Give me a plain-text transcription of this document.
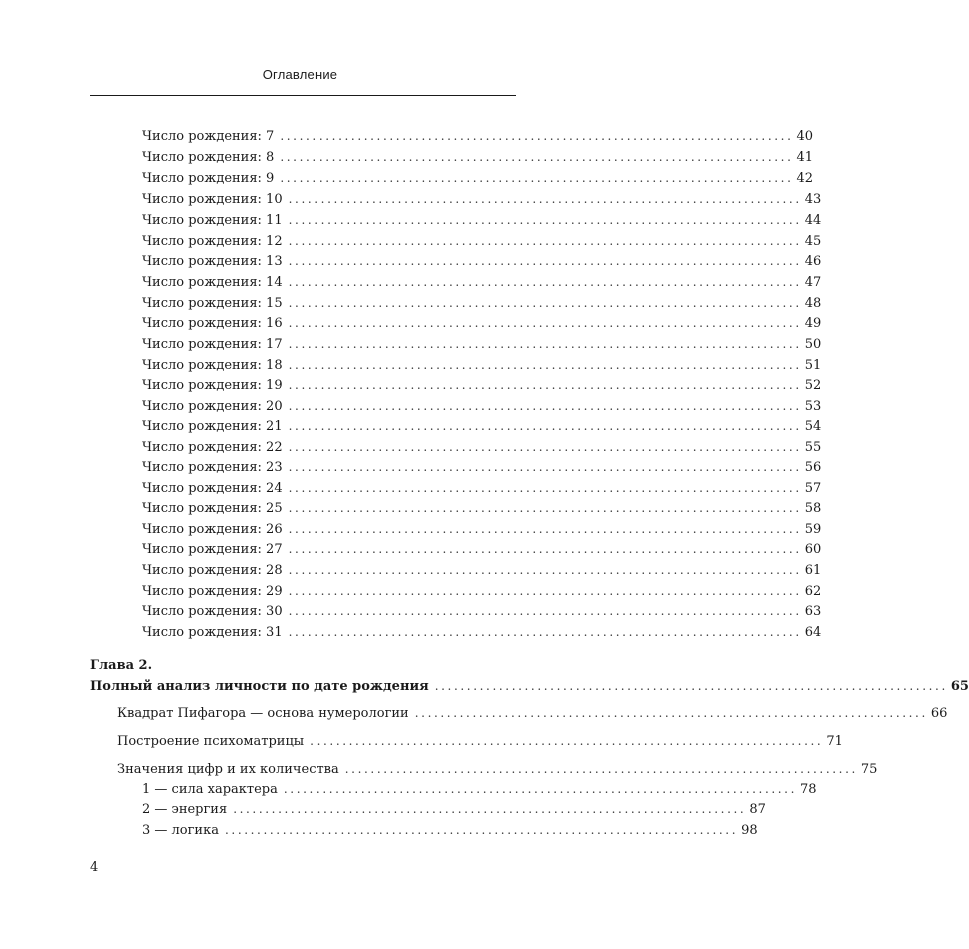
Оглавление
Число рождения: 7 ................................................................................ 40
Число рождения: 8 ................................................................................ 41
Число рождения: 9 ................................................................................ 42
Число рождения: 10 ................................................................................ 43
Число рождения: 11 ................................................................................ 44
Число рождения: 12 ................................................................................ 45
Число рождения: 13 ................................................................................ 46
Число рождения: 14 ................................................................................ 47
Число рождения: 15 ................................................................................ 48
Число рождения: 16 ................................................................................ 49
Число рождения: 17 ................................................................................ 50
Число рождения: 18 ................................................................................ 51
Число рождения: 19 ................................................................................ 52
Число рождения: 20 ................................................................................ 53
Число рождения: 21 ................................................................................ 54
Число рождения: 22 ................................................................................ 55
Число рождения: 23 ................................................................................ 56
Число рождения: 24 ................................................................................ 57
Число рождения: 25 ................................................................................ 58
Число рождения: 26 ................................................................................ 59
Число рождения: 27 ................................................................................ 60
Число рождения: 28 ................................................................................ 61
Число рождения: 29 ................................................................................ 62
Число рождения: 30 ................................................................................ 63
Число рождения: 31 ................................................................................ 64
Глава 2.
Полный анализ личности по дате рождения ................................................................................ 65
Квадрат Пифагора — основа нумерологии ................................................................................ 66
Построение психоматрицы ................................................................................ 71
Значения цифр и их количества ................................................................................ 75
1 — сила характера ................................................................................ 78
2 — энергия ................................................................................ 87
3 — логика ................................................................................ 98
4
